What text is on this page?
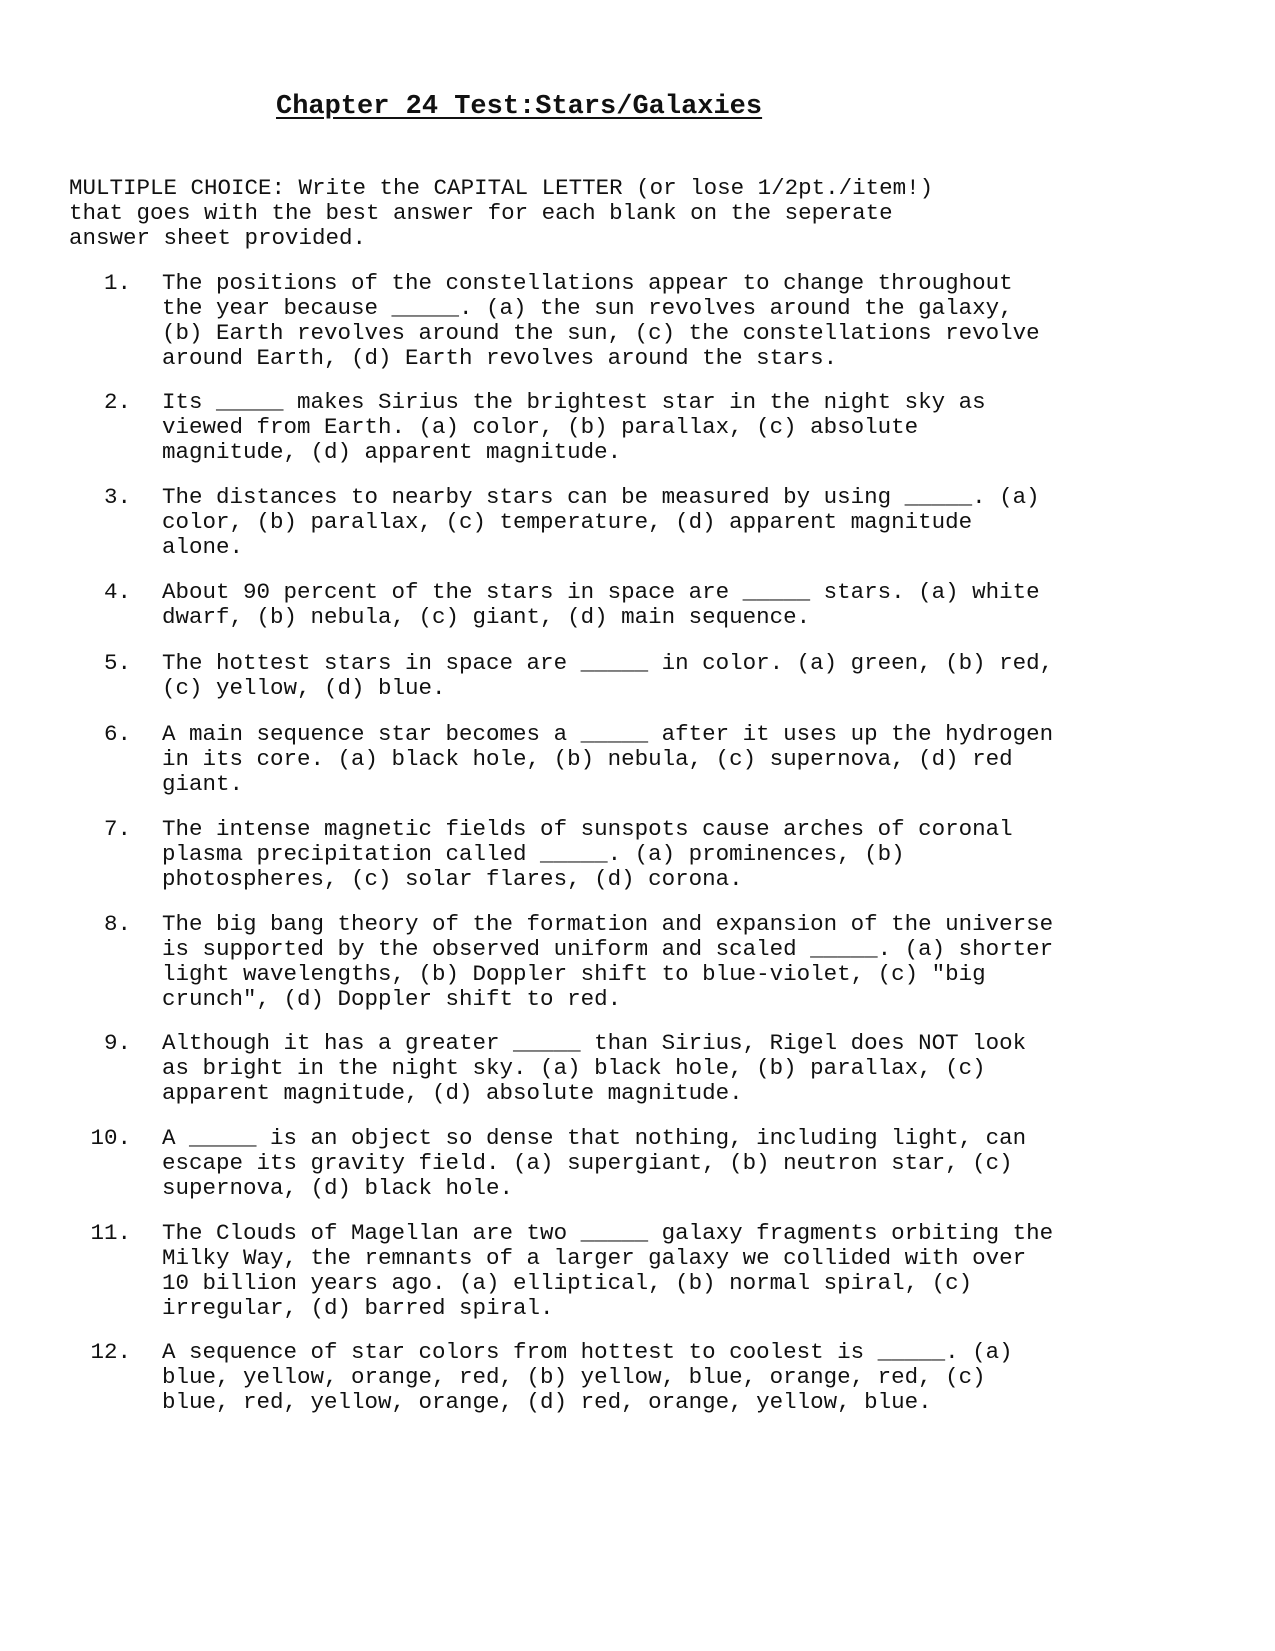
Chapter 24 Test:Stars/Galaxies

MULTIPLE CHOICE: Write the CAPITAL LETTER (or lose 1/2pt./item!)
that goes with the best answer for each blank on the seperate
answer sheet provided.

1. The positions of the constellations appear to change throughout
the year because _____. (a) the sun revolves around the galaxy,
(b) Earth revolves around the sun, (c) the constellations revolve
around Earth, (d) Earth revolves around the stars.

2. Its _____ makes Sirius the brightest star in the night sky as
viewed from Earth. (a) color, (b) parallax, (c) absolute
magnitude, (d) apparent magnitude.

3. The distances to nearby stars can be measured by using _____. (a)
color, (b) parallax, (c) temperature, (d) apparent magnitude
alone.

4. About 90 percent of the stars in space are _____ stars. (a) white
dwarf, (b) nebula, (c) giant, (d) main sequence.

5. The hottest stars in space are _____ in color. (a) green, (b) red,
(c) yellow, (d) blue.

6. A main sequence star becomes a _____ after it uses up the hydrogen
in its core. (a) black hole, (b) nebula, (c) supernova, (d) red
giant.

7. The intense magnetic fields of sunspots cause arches of coronal
plasma precipitation called _____. (a) prominences, (b)
photospheres, (c) solar flares, (d) corona.

8. The big bang theory of the formation and expansion of the universe
is supported by the observed uniform and scaled _____. (a) shorter
light wavelengths, (b) Doppler shift to blue-violet, (c) "big
crunch", (d) Doppler shift to red.

9. Although it has a greater _____ than Sirius, Rigel does NOT look
as bright in the night sky. (a) black hole, (b) parallax, (c)
apparent magnitude, (d) absolute magnitude.

10. A _____ is an object so dense that nothing, including light, can
escape its gravity field. (a) supergiant, (b) neutron star, (c)
supernova, (d) black hole.

11. The Clouds of Magellan are two _____ galaxy fragments orbiting the
Milky Way, the remnants of a larger galaxy we collided with over
10 billion years ago. (a) elliptical, (b) normal spiral, (c)
irregular, (d) barred spiral.

12. A sequence of star colors from hottest to coolest is _____. (a)
blue, yellow, orange, red, (b) yellow, blue, orange, red, (c)
blue, red, yellow, orange, (d) red, orange, yellow, blue.
